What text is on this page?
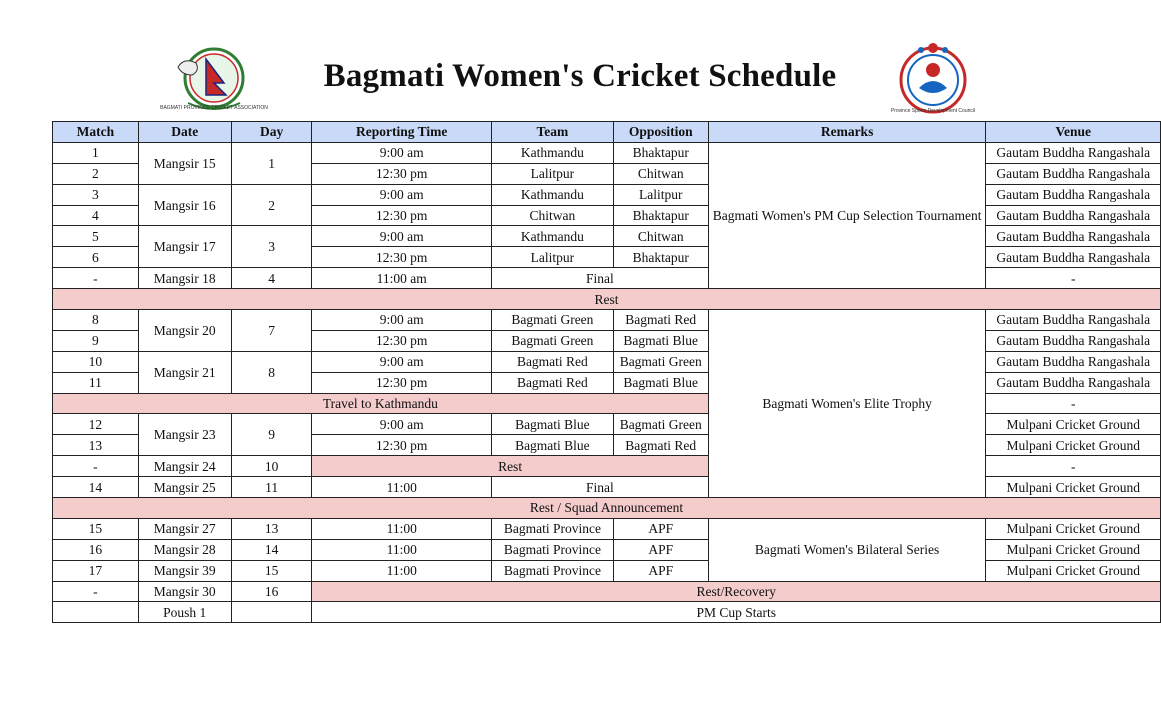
BAGMATI PROVINCE CRICKET ASSOCIATION
Bagmati Women's Cricket Schedule
Province Sports Development Council
Match	Date	Day	Reporting Time	Team	Opposition	Remarks	Venue
1	Mangsir 15	1	9:00 am	Kathmandu	Bhaktapur	Bagmati Women's PM Cup Selection Tournament	Gautam Buddha Rangashala
2			12:30 pm	Lalitpur	Chitwan		Gautam Buddha Rangashala
3	Mangsir 16	2	9:00 am	Kathmandu	Lalitpur		Gautam Buddha Rangashala
4			12:30 pm	Chitwan	Bhaktapur		Gautam Buddha Rangashala
5	Mangsir 17	3	9:00 am	Kathmandu	Chitwan		Gautam Buddha Rangashala
6			12:30 pm	Lalitpur	Bhaktapur		Gautam Buddha Rangashala
-	Mangsir 18	4	11:00 am	Final			-
Rest							
8	Mangsir 20	7	9:00 am	Bagmati Green	Bagmati Red	Bagmati Women's Elite Trophy	Gautam Buddha Rangashala
9			12:30 pm	Bagmati Green	Bagmati Blue		Gautam Buddha Rangashala
10	Mangsir 21	8	9:00 am	Bagmati Red	Bagmati Green		Gautam Buddha Rangashala
11			12:30 pm	Bagmati Red	Bagmati Blue		Gautam Buddha Rangashala
Travel to Kathmandu							-
12	Mangsir 23	9	9:00 am	Bagmati Blue	Bagmati Green		Mulpani Cricket Ground
13			12:30 pm	Bagmati Blue	Bagmati Red		Mulpani Cricket Ground
-	Mangsir 24	10	Rest				-
14	Mangsir 25	11	11:00	Final			Mulpani Cricket Ground
Rest / Squad Announcement							
15	Mangsir 27	13	11:00	Bagmati Province	APF	Bagmati Women's Bilateral Series	Mulpani Cricket Ground
16	Mangsir 28	14	11:00	Bagmati Province	APF		Mulpani Cricket Ground
17	Mangsir 39	15	11:00	Bagmati Province	APF		Mulpani Cricket Ground
-	Mangsir 30	16	Rest/Recovery				
	Poush 1		PM Cup Starts				
